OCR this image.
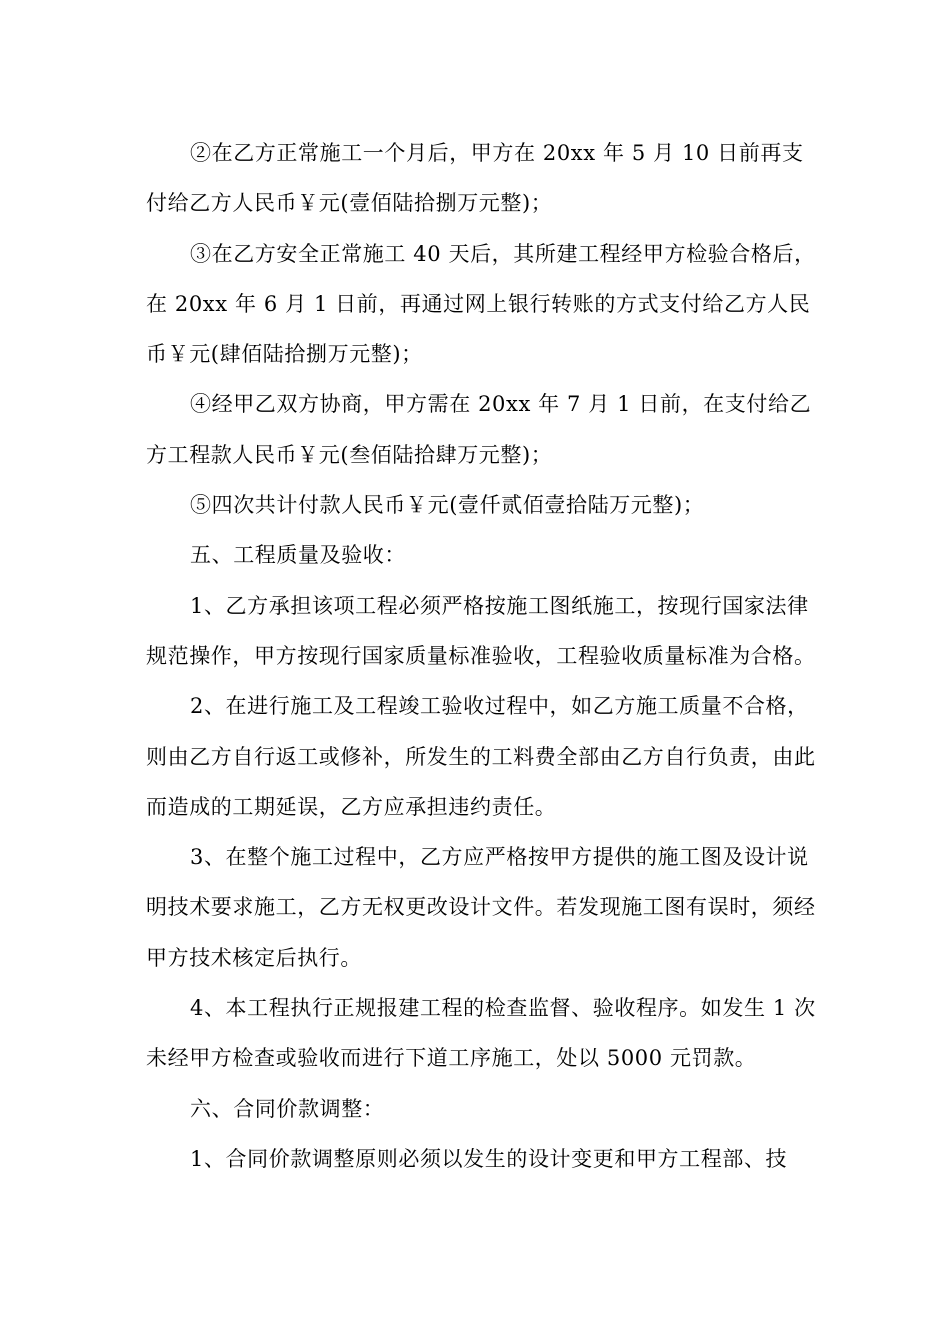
②在乙方正常施工一个月后，甲方在 20xx 年 5 月 10 日前再支付给乙方人民币￥元(壹佰陆拾捌万元整)；

③在乙方安全正常施工 40 天后，其所建工程经甲方检验合格后，在 20xx 年 6 月 1 日前，再通过网上银行转账的方式支付给乙方人民币￥元(肆佰陆拾捌万元整)；

④经甲乙双方协商，甲方需在 20xx 年 7 月 1 日前，在支付给乙方工程款人民币￥元(叁佰陆拾肆万元整)；

⑤四次共计付款人民币￥元(壹仟贰佰壹拾陆万元整)；

五、工程质量及验收：

1、乙方承担该项工程必须严格按施工图纸施工，按现行国家法律规范操作，甲方按现行国家质量标准验收，工程验收质量标准为合格。

2、在进行施工及工程竣工验收过程中，如乙方施工质量不合格，则由乙方自行返工或修补，所发生的工料费全部由乙方自行负责，由此而造成的工期延误，乙方应承担违约责任。

3、在整个施工过程中，乙方应严格按甲方提供的施工图及设计说明技术要求施工，乙方无权更改设计文件。若发现施工图有误时，须经甲方技术核定后执行。

4、本工程执行正规报建工程的检查监督、验收程序。如发生 1 次未经甲方检查或验收而进行下道工序施工，处以 5000 元罚款。

六、合同价款调整：

1、合同价款调整原则必须以发生的设计变更和甲方工程部、技
